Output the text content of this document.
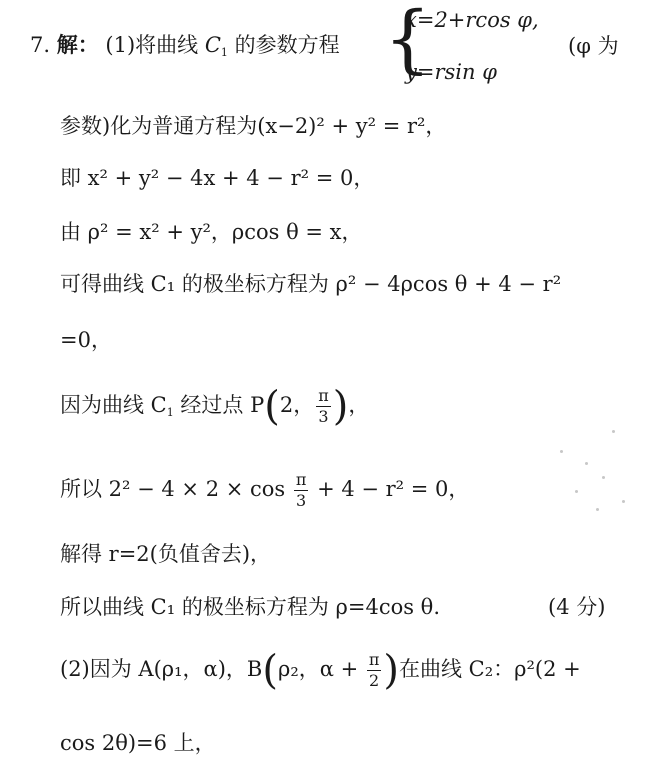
7. 解： (1)将曲线 $C_1$ 的参数方程 {
x=2+rcos φ,
y=rsin φ
(φ 为
参数)化为普通方程为(x−2)² + y² = r²，
即 x² + y² − 4x + 4 − r² = 0，
由 ρ² = x² + y²，ρcos θ = x，
可得曲线 C₁ 的极坐标方程为 ρ² − 4ρcos θ + 4 − r²
=0，
因为曲线 $C_1$ 经过点 P(2， $\frac{\pi}{3}$ )，
所以 $2^2 - 4 \times 2 \times \cos \frac{\pi}{3} + 4 - r^2 = 0$，
解得 r=2(负值舍去)，
所以曲线 C₁ 的极坐标方程为 ρ=4cos θ.	(4 分)
(2)因为 A(ρ₁，α)，B(ρ₂，$\alpha + \frac{\pi}{2}$ )在曲线 C₂：ρ²(2 +
cos 2θ)=6 上，
